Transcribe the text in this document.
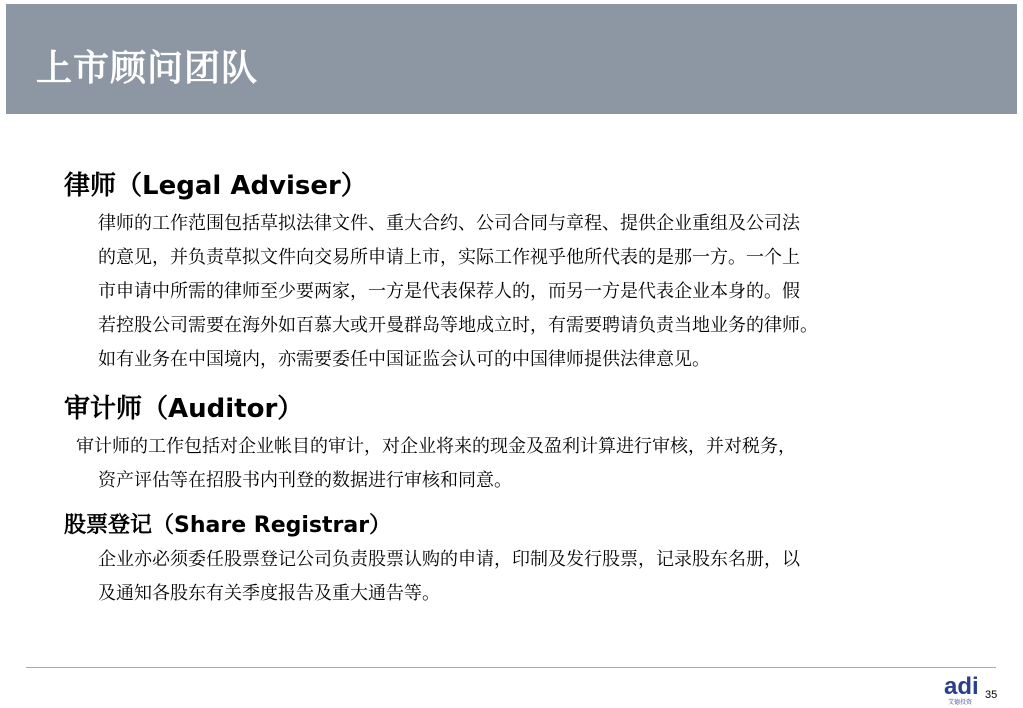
上市顾问团队
律师（Legal Adviser）
律师的工作范围包括草拟法律文件、重大合约、公司合同与章程、提供企业重组及公司法
的意见，并负责草拟文件向交易所申请上市，实际工作视乎他所代表的是那一方。一个上
市申请中所需的律师至少要两家，一方是代表保荐人的，而另一方是代表企业本身的。假
若控股公司需要在海外如百慕大或开曼群岛等地成立时，有需要聘请负责当地业务的律师。
如有业务在中国境内，亦需要委任中国证监会认可的中国律师提供法律意见。
审计师（Auditor）
审计师的工作包括对企业帐目的审计，对企业将来的现金及盈利计算进行审核，并对税务，
资产评估等在招股书内刊登的数据进行审核和同意。
股票登记（Share Registrar）
企业亦必须委任股票登记公司负责股票认购的申请，印制及发行股票，记录股东名册，以
及通知各股东有关季度报告及重大通告等。
adi
艾德投资
35
